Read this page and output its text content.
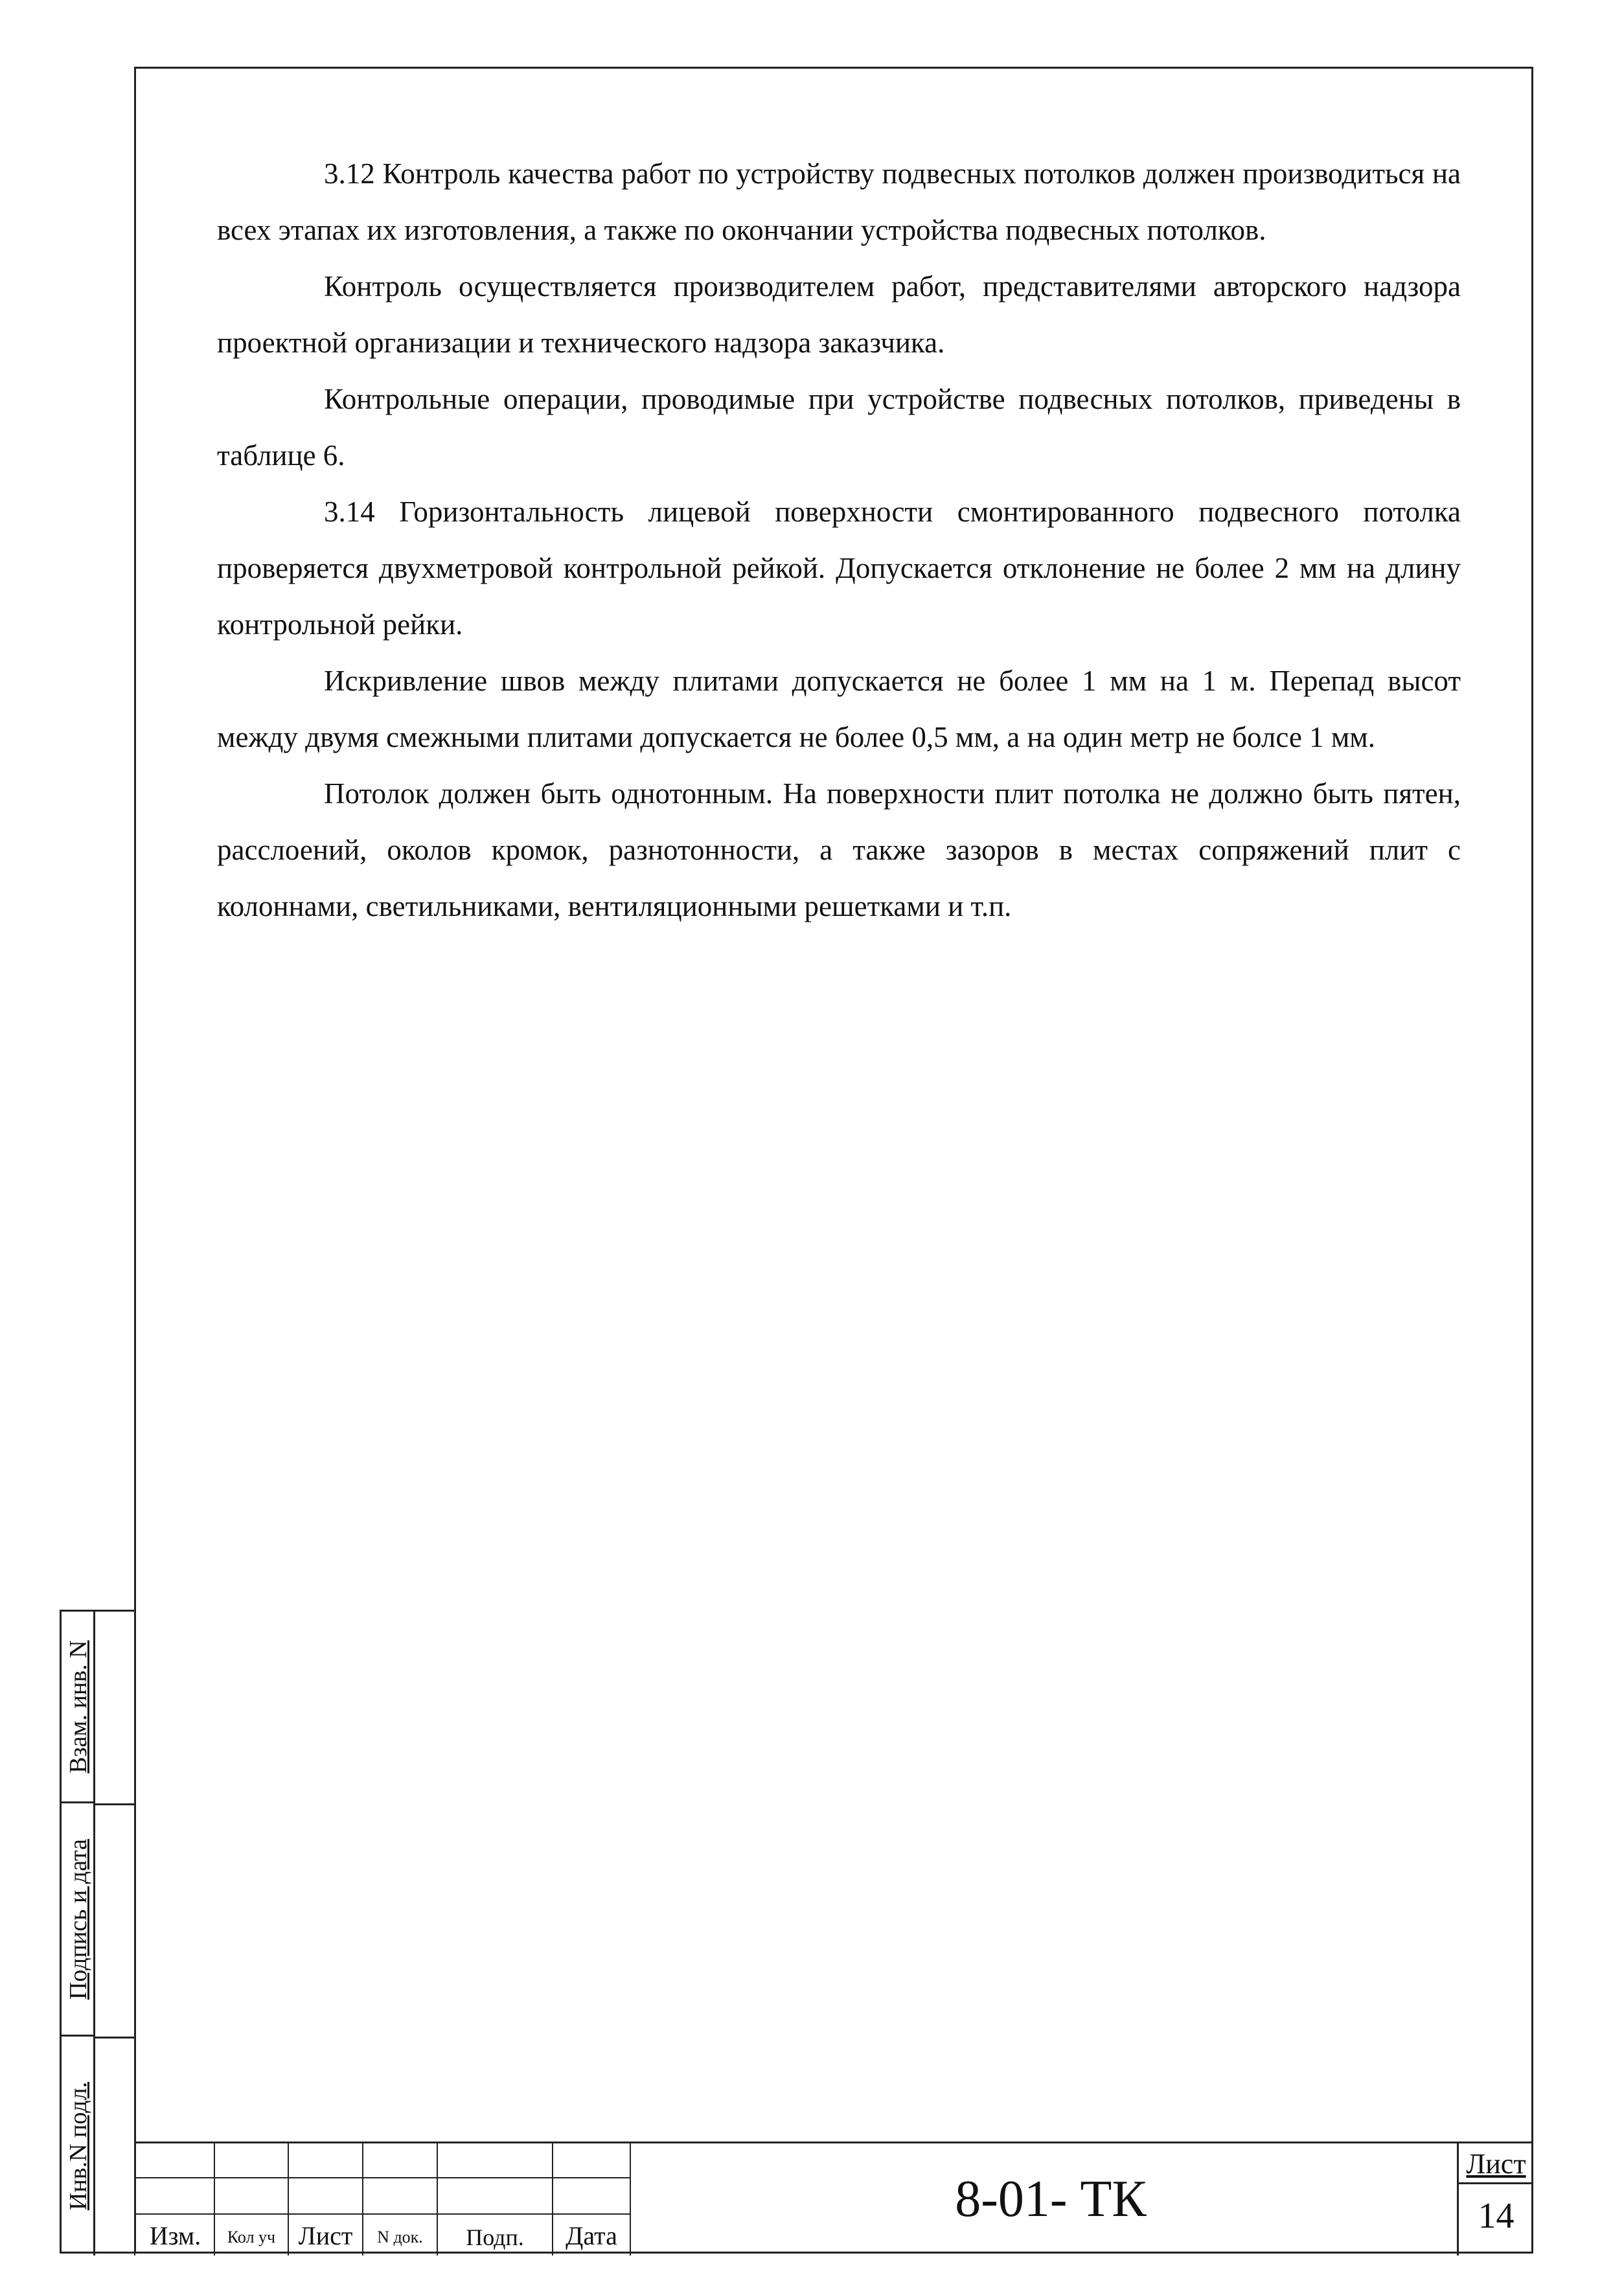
3.12 Контроль качества работ по устройству подвесных потолков должен производиться на всех этапах их изготовления, а также по окончании устройства подвесных потолков.

Контроль осуществляется производителем работ, представителями авторского надзора проектной организации и технического надзора заказчика.

Контрольные операции, проводимые при устройстве подвесных потолков, приведены в таблице 6.

3.14 Горизонтальность лицевой поверхности смонтированного подвесного потолка проверяется двухметровой контрольной рейкой. Допускается отклонение не более 2 мм на длину контрольной рейки.

Искривление швов между плитами допускается не более 1 мм на 1 м. Перепад высот между двумя смежными плитами допускается не более 0,5 мм, а на один метр не болсе 1 мм.

Потолок должен быть однотонным. На поверхности плит потолка не должно быть пятен, расслоений, околов кромок, разнотонности, а также зазоров в местах сопряжений плит с колоннами, светильниками, вентиляционными решетками и т.п.

Взам. инв. N
Подпись и дата
Инв.N подл.
Изм.	Кол уч Лист	N док.	Подп.	Дата
8-01- ТК
Лист
14
